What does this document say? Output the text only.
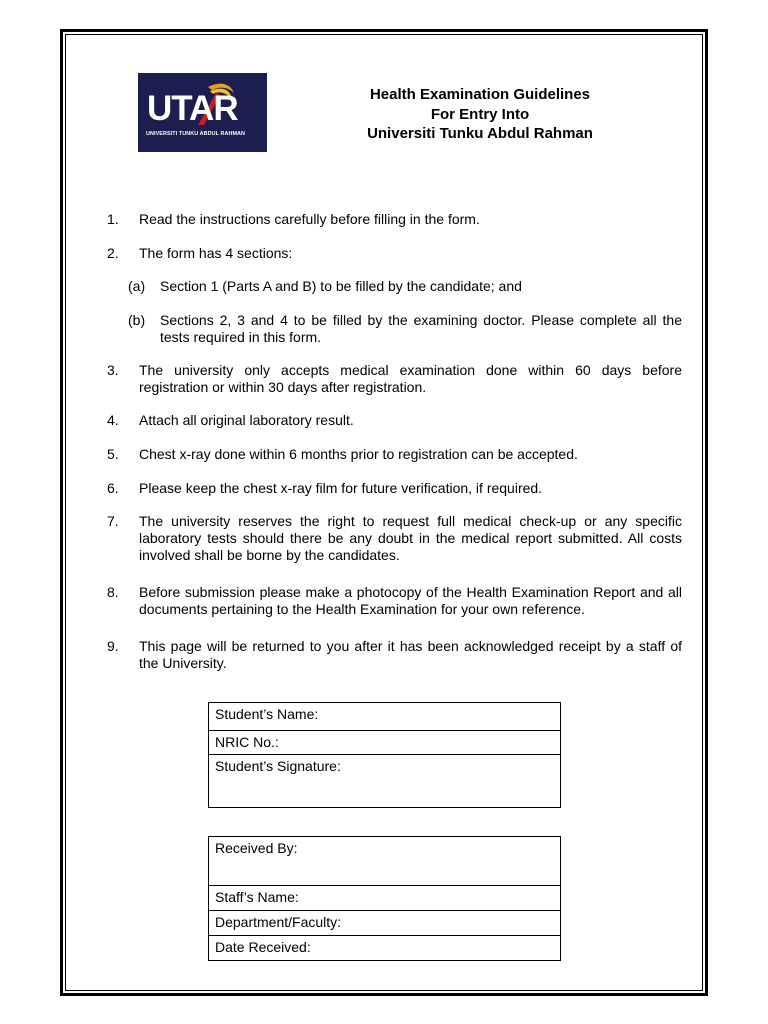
UTAR
UNIVERSITI TUNKU ABDUL RAHMAN
Health Examination Guidelines
For Entry Into
Universiti Tunku Abdul Rahman
1. Read the instructions carefully before filling in the form.
2. The form has 4 sections:
(a) Section 1 (Parts A and B) to be filled by the candidate; and
(b) Sections 2, 3 and 4 to be filled by the examining doctor. Please complete all the tests required in this form.
3. The university only accepts medical examination done within 60 days before registration or within 30 days after registration.
4. Attach all original laboratory result.
5. Chest x-ray done within 6 months prior to registration can be accepted.
6. Please keep the chest x-ray film for future verification, if required.
7. The university reserves the right to request full medical check-up or any specific laboratory tests should there be any doubt in the medical report submitted. All costs involved shall be borne by the candidates.
8. Before submission please make a photocopy of the Health Examination Report and all documents pertaining to the Health Examination for your own reference.
9. This page will be returned to you after it has been acknowledged receipt by a staff of the University.
Student’s Name:
NRIC No.:
Student’s Signature:
Received By:
Staff’s Name:
Department/Faculty:
Date Received:
